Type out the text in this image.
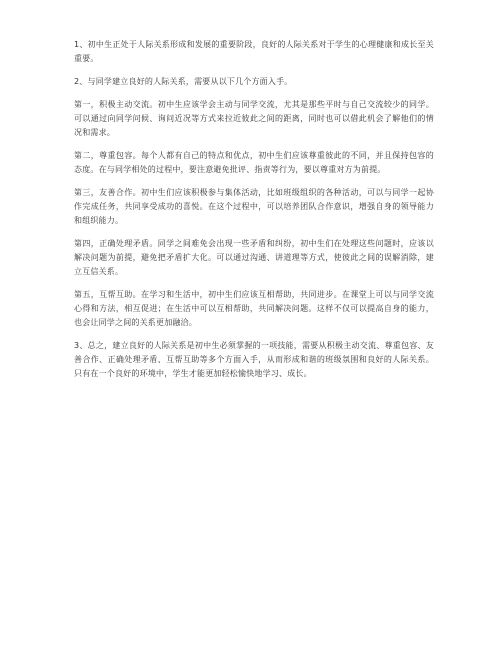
1、初中生正处于人际关系形成和发展的重要阶段，良好的人际关系对于学生的心理健康和成长至关重要。

2、与同学建立良好的人际关系，需要从以下几个方面入手。

第一，积极主动交流。初中生应该学会主动与同学交流，尤其是那些平时与自己交流较少的同学。可以通过向同学问候、询问近况等方式来拉近彼此之间的距离，同时也可以借此机会了解他们的情况和需求。

第二，尊重包容。每个人都有自己的特点和优点，初中生们应该尊重彼此的不同，并且保持包容的态度。在与同学相处的过程中，要注意避免批评、指责等行为，要以尊重对方为前提。

第三，友善合作。初中生们应该积极参与集体活动，比如班级组织的各种活动，可以与同学一起协作完成任务，共同享受成功的喜悦。在这个过程中，可以培养团队合作意识，增强自身的领导能力和组织能力。

第四，正确处理矛盾。同学之间难免会出现一些矛盾和纠纷，初中生们在处理这些问题时，应该以解决问题为前提，避免把矛盾扩大化。可以通过沟通、讲道理等方式，使彼此之间的误解消除，建立互信关系。

第五，互帮互助。在学习和生活中，初中生们应该互相帮助，共同进步。在课堂上可以与同学交流心得和方法，相互促进；在生活中可以互相帮助，共同解决问题。这样不仅可以提高自身的能力，也会让同学之间的关系更加融洽。

3、总之，建立良好的人际关系是初中生必须掌握的一项技能，需要从积极主动交流、尊重包容、友善合作、正确处理矛盾、互帮互助等多个方面入手，从而形成和谐的班级氛围和良好的人际关系。只有在一个良好的环境中，学生才能更加轻松愉快地学习、成长。
